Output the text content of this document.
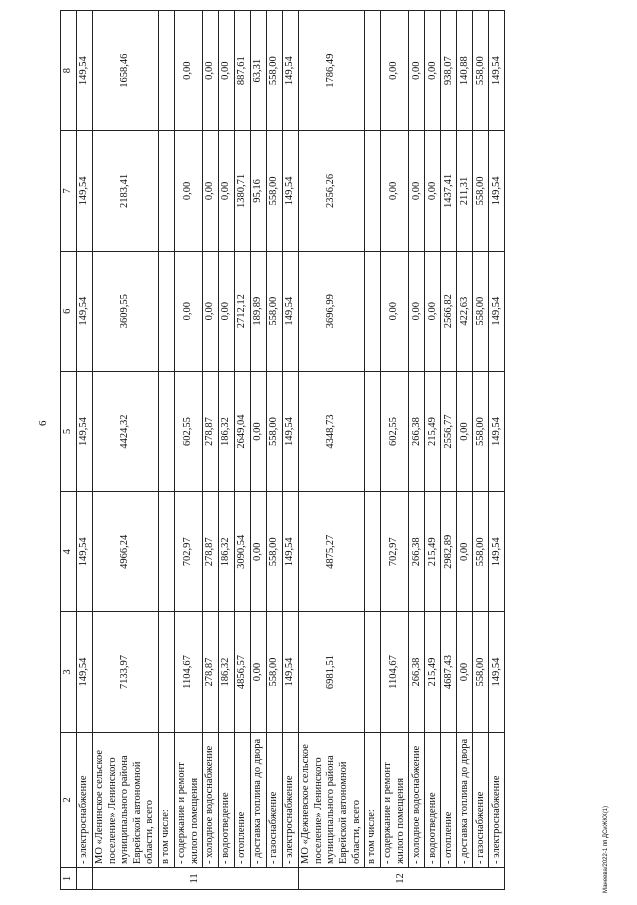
6
1	2	3	4	5	6	7	8
	- электроснабжение	149,54	149,54	149,54	149,54	149,54	149,54
11	МО «Ленинское сельское поселение» Ленинского муниципального района Еврейской автономной области, всего	7133,97	4966,24	4424,32	3609,55	2183,41	1658,46
	в том числе:						
	- содержание и ремонт жилого помещения	1104,67	702,97	602,55	0,00	0,00	0,00
	- холодное водоснабжение	278,87	278,87	278,87	0,00	0,00	0,00
	- водоотведение	186,32	186,32	186,32	0,00	0,00	0,00
	- отопление	4856,57	3090,54	2649,04	2712,12	1380,71	887,61
	- доставка топлива до двора	0,00	0,00	0,00	189,89	95,16	63,31
	- газоснабжение	558,00	558,00	558,00	558,00	558,00	558,00
	- электроснабжение	149,54	149,54	149,54	149,54	149,54	149,54
12	МО «Дежневское сельское поселение» Ленинского муниципального района Еврейской автономной области, всего	6981,51	4875,27	4348,73	3696,99	2356,26	1786,49
	в том числе:						
	- содержание и ремонт жилого помещения	1104,67	702,97	602,55	0,00	0,00	0,00
	- холодное водоснабжение	266,38	266,38	266,38	0,00	0,00	0,00
	- водоотведение	215,49	215,49	215,49	0,00	0,00	0,00
	- отопление	4687,43	2982,89	2556,77	2566,82	1437,41	938,07
	- доставка топлива до двора	0,00	0,00	0,00	422,63	211,31	140,88
	- газоснабжение	558,00	558,00	558,00	558,00	558,00	558,00
	- электроснабжение	149,54	149,54	149,54	149,54	149,54	149,54
Манеева/2022-1 пп ДСиЖКХ(1)
